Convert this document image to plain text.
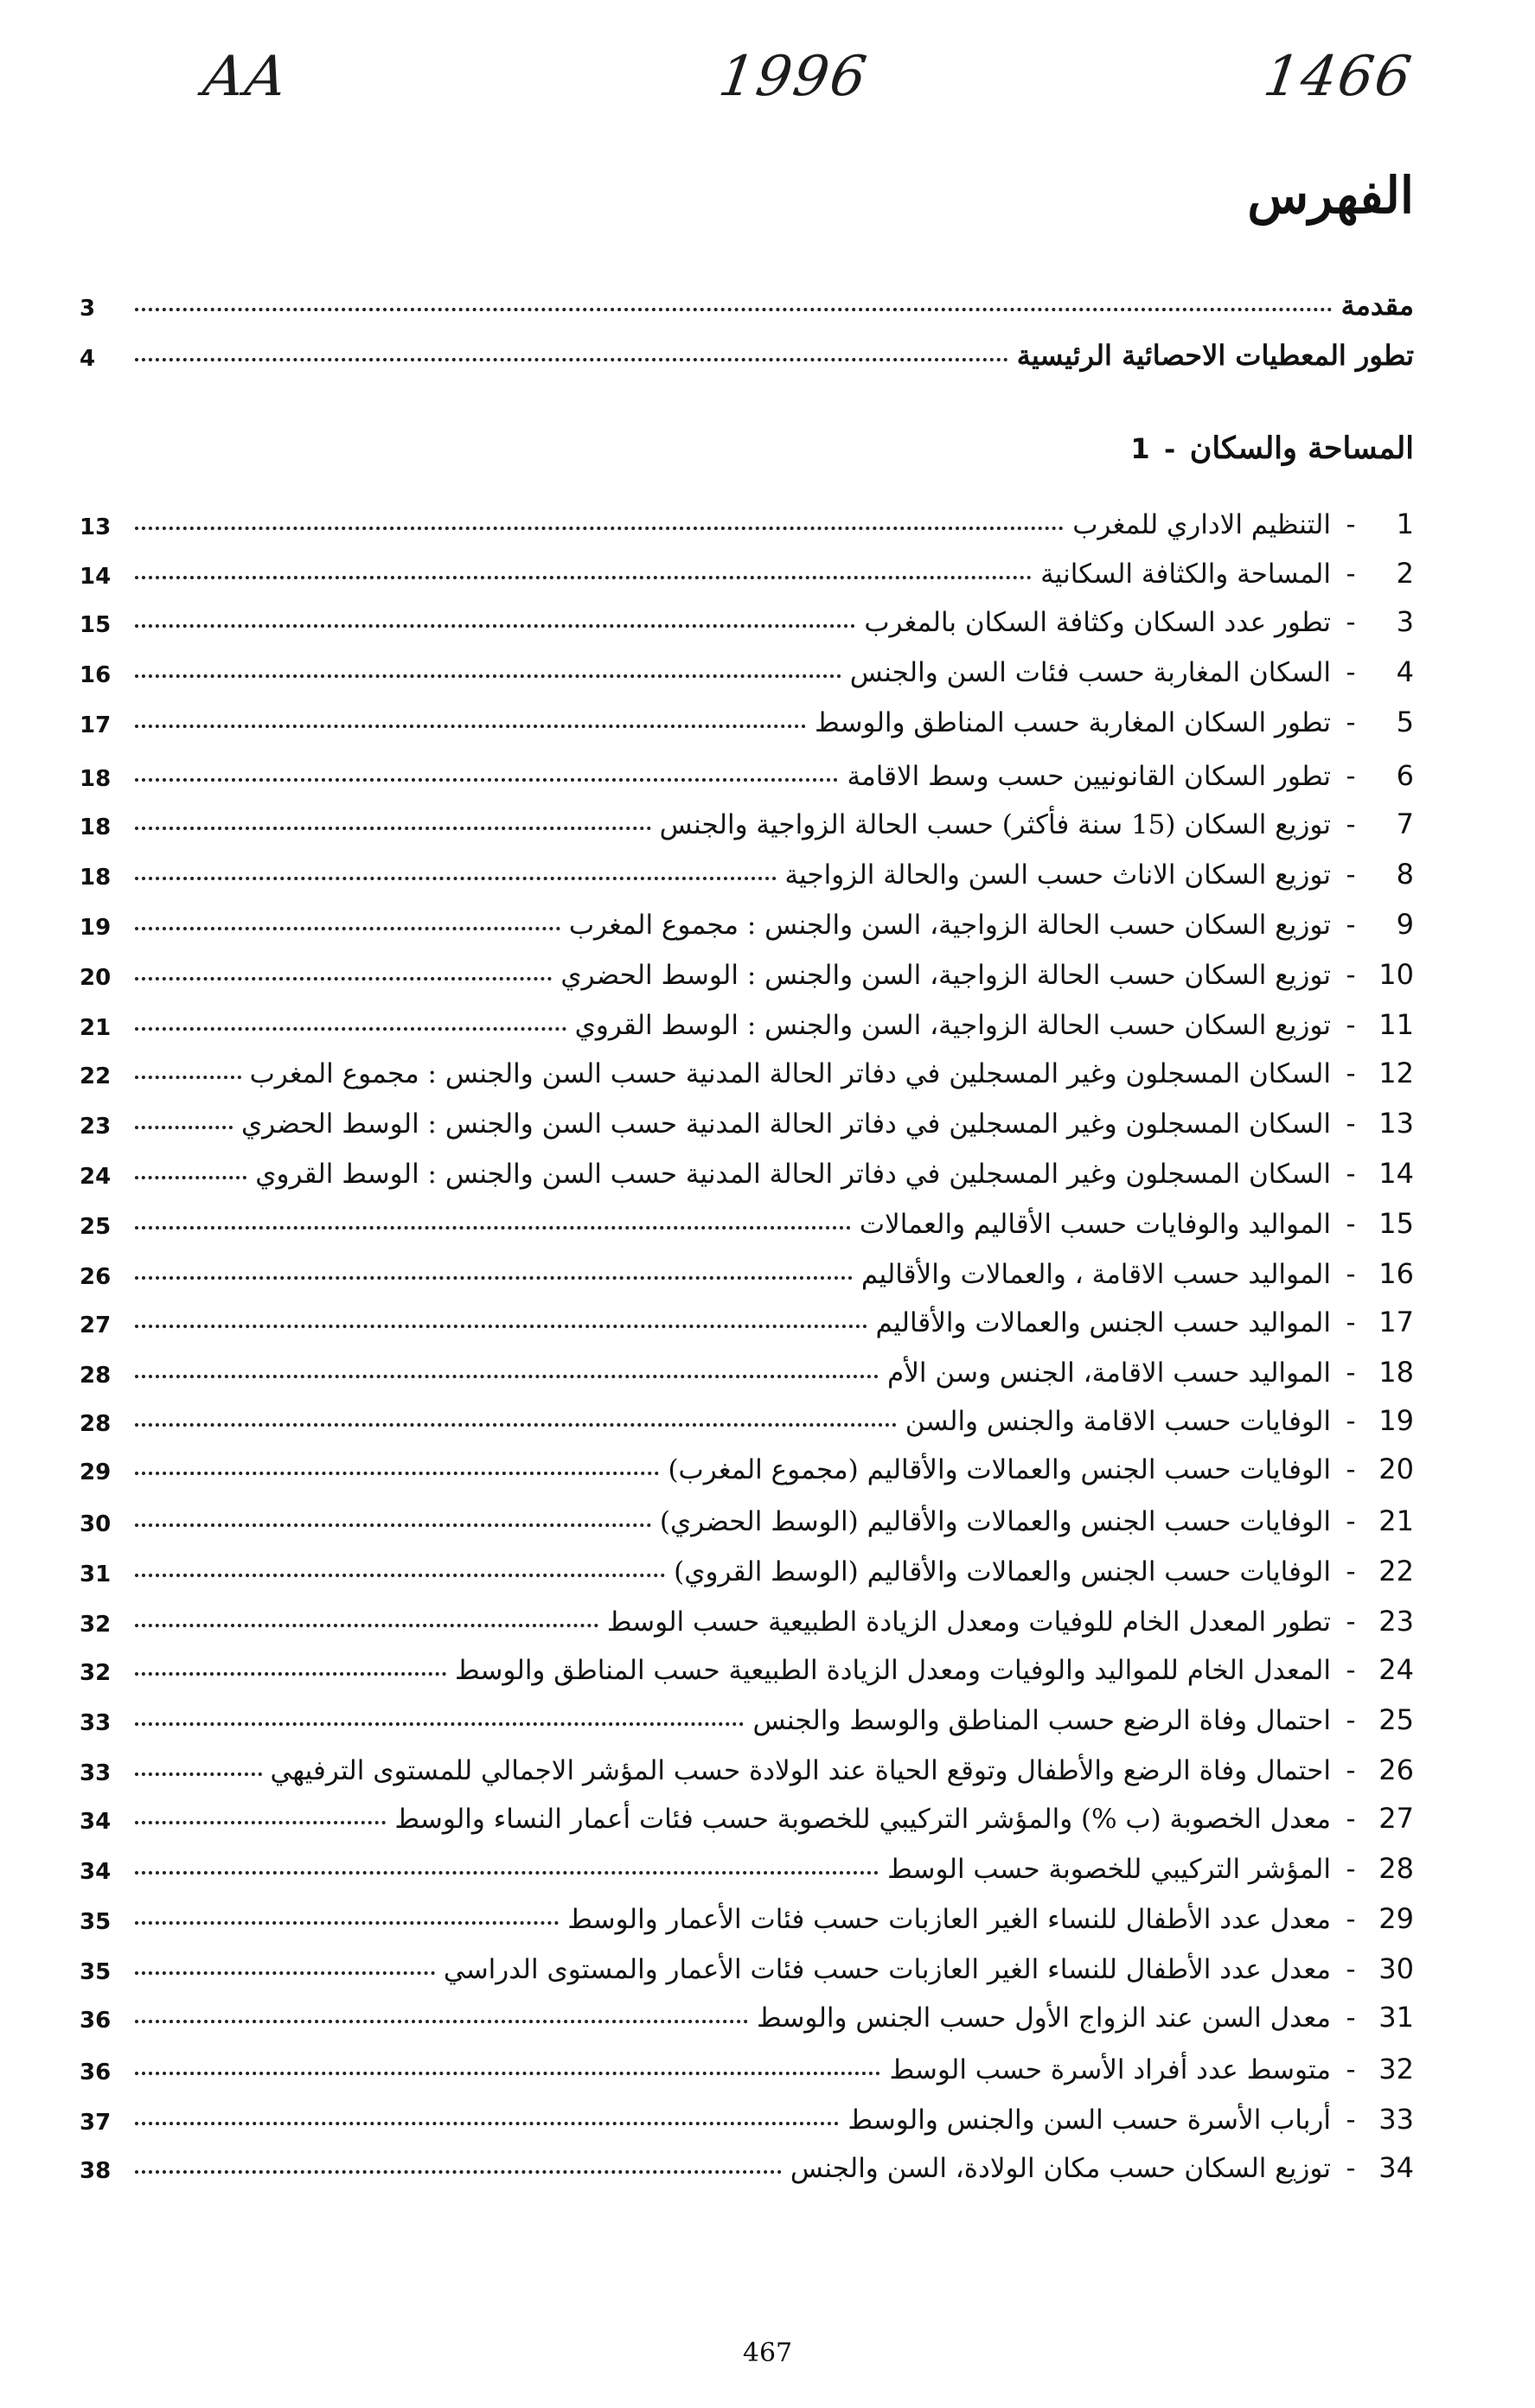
AA	1996	1466
الفهرس
مقدمة
3
تطور المعطيات الاحصائية الرئيسية
4
1 - المساحة والسكان
1
-
التنظيم الاداري للمغرب
13
2
-
المساحة والكثافة السكانية
14
3
-
تطور عدد السكان وكثافة السكان بالمغرب
15
4
-
السكان المغاربة حسب فئات السن والجنس
16
5
-
تطور السكان المغاربة حسب المناطق والوسط
17
6
-
تطور السكان القانونيين حسب وسط الاقامة
18
7
-
توزيع السكان (15 سنة فأكثر) حسب الحالة الزواجية والجنس
18
8
-
توزيع السكان الاناث حسب السن والحالة الزواجية
18
9
-
توزيع السكان حسب الحالة الزواجية، السن والجنس : مجموع المغرب
19
10
-
توزيع السكان حسب الحالة الزواجية، السن والجنس : الوسط الحضري
20
11
-
توزيع السكان حسب الحالة الزواجية، السن والجنس : الوسط القروي
21
12
-
السكان المسجلون وغير المسجلين في دفاتر الحالة المدنية حسب السن والجنس : مجموع المغرب
22
13
-
السكان المسجلون وغير المسجلين في دفاتر الحالة المدنية حسب السن والجنس : الوسط الحضري
23
14
-
السكان المسجلون وغير المسجلين في دفاتر الحالة المدنية حسب السن والجنس : الوسط القروي
24
15
-
المواليد والوفايات حسب الأقاليم والعمالات
25
16
-
المواليد حسب الاقامة ، والعمالات والأقاليم
26
17
-
المواليد حسب الجنس والعمالات والأقاليم
27
18
-
المواليد حسب الاقامة، الجنس وسن الأم
28
19
-
الوفايات حسب الاقامة والجنس والسن
28
20
-
الوفايات حسب الجنس والعمالات والأقاليم (مجموع المغرب)
29
21
-
الوفايات حسب الجنس والعمالات والأقاليم (الوسط الحضري)
30
22
-
الوفايات حسب الجنس والعمالات والأقاليم (الوسط القروي)
31
23
-
تطور المعدل الخام للوفيات ومعدل الزيادة الطبيعية حسب الوسط
32
24
-
المعدل الخام للمواليد والوفيات ومعدل الزيادة الطبيعية حسب المناطق والوسط
32
25
-
احتمال وفاة الرضع حسب المناطق والوسط والجنس
33
26
-
احتمال وفاة الرضع والأطفال وتوقع الحياة عند الولادة حسب المؤشر الاجمالي للمستوى الترفيهي
33
27
-
معدل الخصوبة (ب %) والمؤشر التركيبي للخصوبة حسب فئات أعمار النساء والوسط
34
28
-
المؤشر التركيبي للخصوبة حسب الوسط
34
29
-
معدل عدد الأطفال للنساء الغير العازبات حسب فئات الأعمار والوسط
35
30
-
معدل عدد الأطفال للنساء الغير العازبات حسب فئات الأعمار والمستوى الدراسي
35
31
-
معدل السن عند الزواج الأول حسب الجنس والوسط
36
32
-
متوسط عدد أفراد الأسرة حسب الوسط
36
33
-
أرباب الأسرة حسب السن والجنس والوسط
37
34
-
توزيع السكان حسب مكان الولادة، السن والجنس
38
467
